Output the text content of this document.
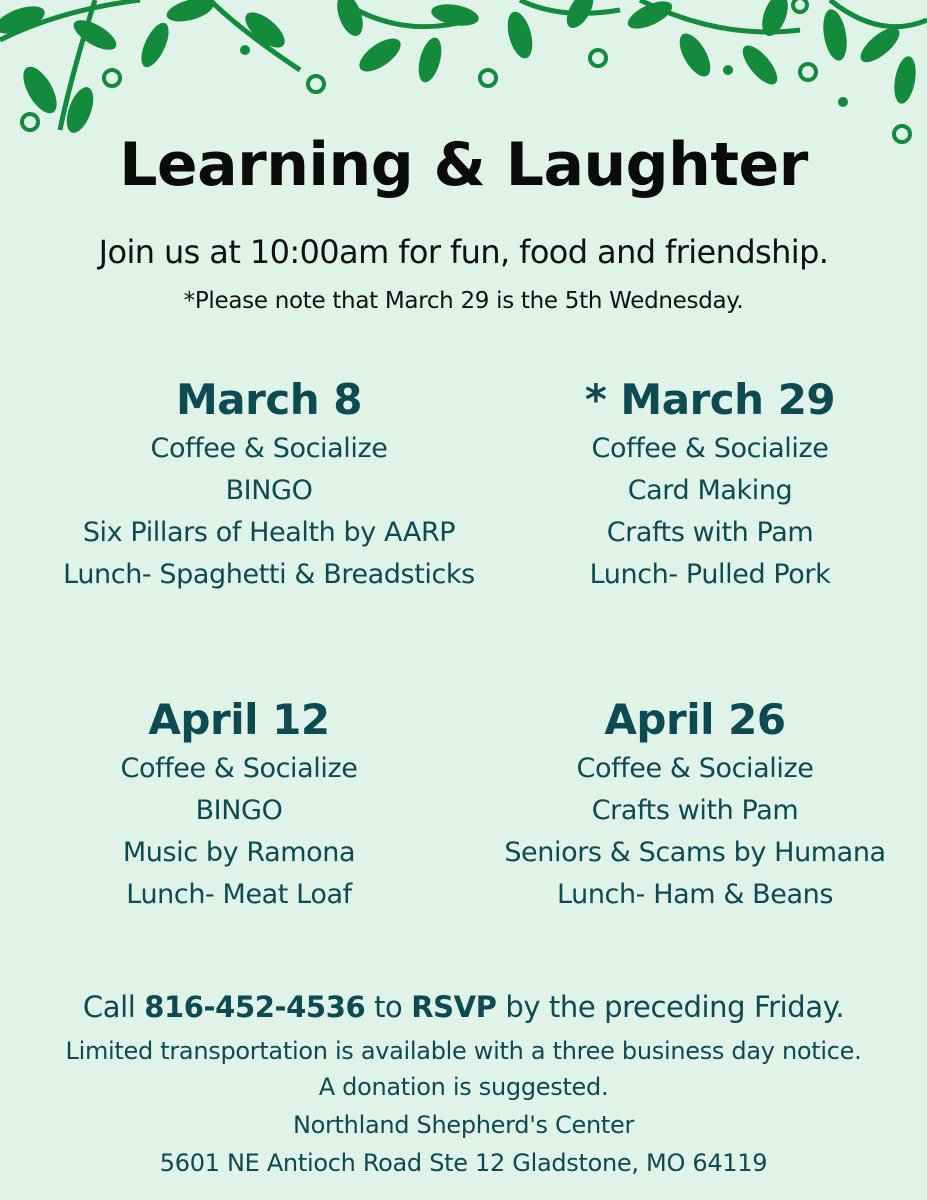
Learning & Laughter
Join us at 10:00am for fun, food and friendship.
*Please note that March 29 is the 5th Wednesday.
March 8
Coffee & Socialize
BINGO
Six Pillars of Health by AARP
Lunch- Spaghetti & Breadsticks
* March 29
Coffee & Socialize
Card Making
Crafts with Pam
Lunch- Pulled Pork
April 12
Coffee & Socialize
BINGO
Music by Ramona
Lunch- Meat Loaf
April 26
Coffee & Socialize
Crafts with Pam
Seniors & Scams by Humana
Lunch- Ham & Beans
Call 816-452-4536 to RSVP by the preceding Friday.
Limited transportation is available with a three business day notice.
A donation is suggested.
Northland Shepherd's Center
5601 NE Antioch Road Ste 12 Gladstone, MO 64119
